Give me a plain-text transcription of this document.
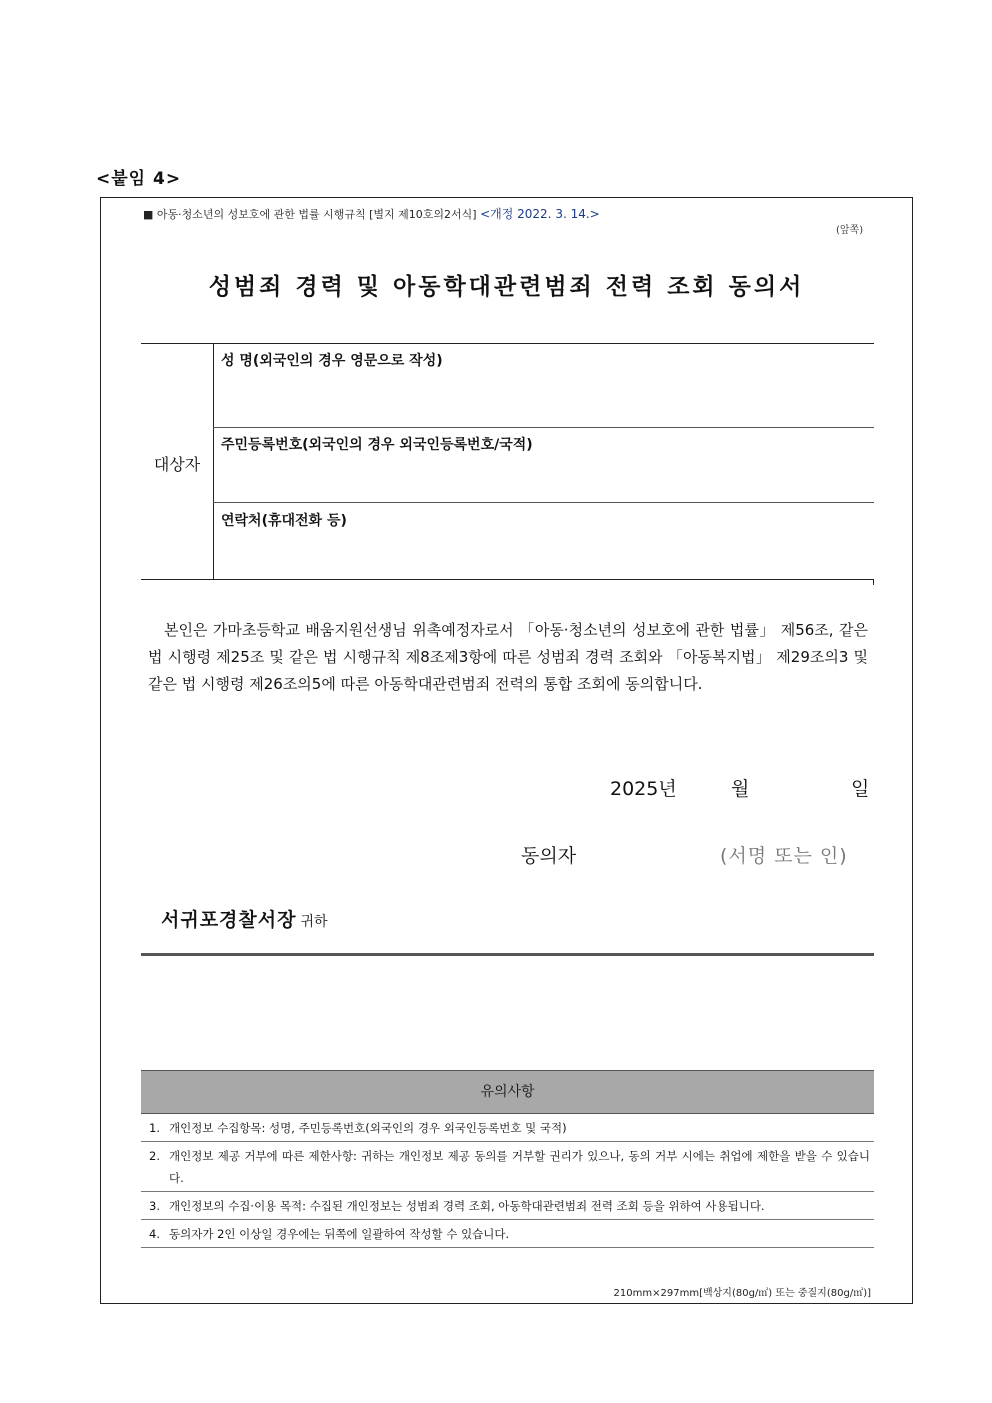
<붙임 4>
■ 아동·청소년의 성보호에 관한 법률 시행규칙 [별지 제10호의2서식] <개정 2022. 3. 14.>
(앞쪽)
성범죄 경력 및 아동학대관련범죄 전력 조회 동의서
대상자
성 명(외국인의 경우 영문으로 작성)
주민등록번호(외국인의 경우 외국인등록번호/국적)
연락처(휴대전화 등)
본인은 가마초등학교 배움지원선생님 위촉예정자로서 「아동·청소년의 성보호에 관한 법률」 제56조, 같은 법 시행령 제25조 및 같은 법 시행규칙 제8조제3항에 따른 성범죄 경력 조회와 「아동복지법」 제29조의3 및 같은 법 시행령 제26조의5에 따른 아동학대관련범죄 전력의 통합 조회에 동의합니다.
2025년	월	일
동의자	(서명 또는 인)
서귀포경찰서장 귀하
유의사항
1. 개인정보 수집항목: 성명, 주민등록번호(외국인의 경우 외국인등록번호 및 국적)
2. 개인정보 제공 거부에 따른 제한사항: 귀하는 개인정보 제공 동의를 거부할 권리가 있으나, 동의 거부 시에는 취업에 제한을 받을 수 있습니다.
3. 개인정보의 수집·이용 목적: 수집된 개인정보는 성범죄 경력 조회, 아동학대관련범죄 전력 조회 등을 위하여 사용됩니다.
4. 동의자가 2인 이상일 경우에는 뒤쪽에 일괄하여 작성할 수 있습니다.
210mm×297mm[백상지(80g/㎡) 또는 중질지(80g/㎡)]
